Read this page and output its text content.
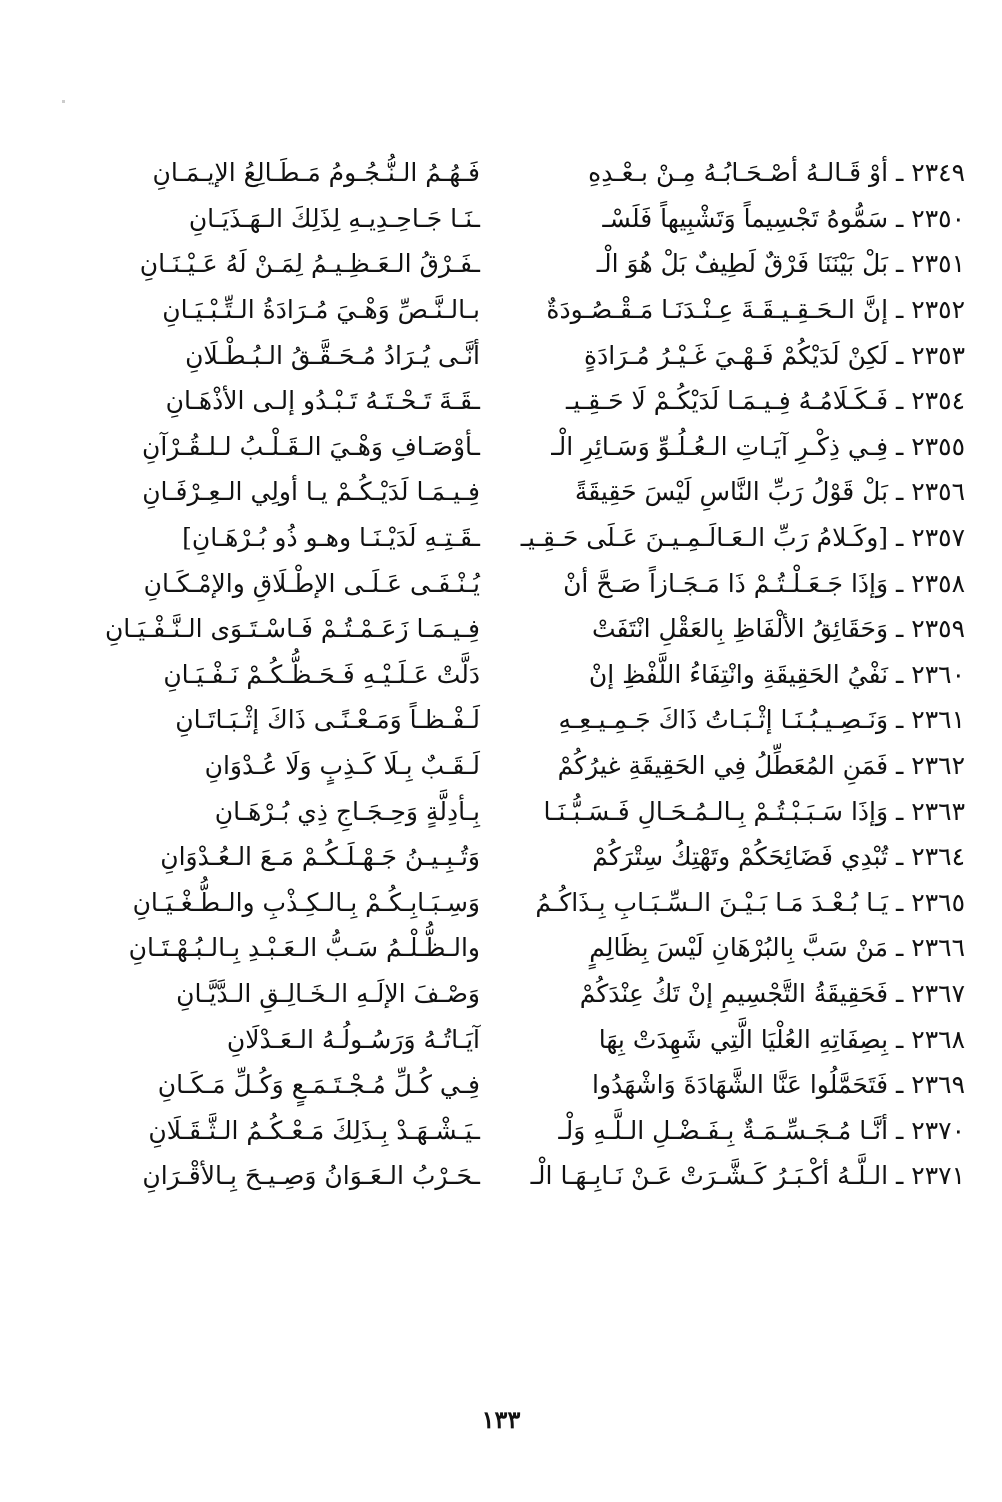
٢٣٤٩ ـ أوْ قَـالـهُ أصْـحَـابُـهُ مِـنْ بـعْـدِهِ
فَـهُـمُ الـنُّـجُـومُ مَـطَـالِعُ الإيـمَـانِ
٢٣٥٠ ـ سَمُّوهُ تَجْسِيماً وَتَشْبِيهاً فَلَسْـ
ـنَـا جَـاحِـدِيـهِ لِذَلِكَ الـهَـذَيَـانِ
٢٣٥١ ـ بَلْ بَيْنَنَا فَرْقٌ لَطِيفٌ بَلْ هُوَ الْـ
ـفَـرْقُ الـعَـظِـيـمُ لِمَـنْ لَهُ عَـيْـنَـانِ
٢٣٥٢ ـ إنَّ الـحَـقِـيـقَـةَ عِـنْـدَنَـا مَـقْـصُـودَةٌ
بـالـنَّـصِّ وَهْـيَ مُـرَادَةُ الـتِّـبْـيَـانِ
٢٣٥٣ ـ لَكِنْ لَدَيْكُمْ فَـهْـيَ غَـيْـرُ مُـرَادَةٍ
أنَّـى يُـرَادُ مُـحَـقَّـقُ الـبُـطْـلَانِ
٢٣٥٤ ـ فَـكَـلَامُـهُ فِـيـمَـا لَدَيْكُـمْ لَا حَـقِـيـ
ـقَـةَ تَـحْـتَـهُ تَـبْـدُو إلـى الأذْهَـانِ
٢٣٥٥ ـ فِـي ذِكْـرِ آيَـاتِ الـعُـلُـوِّ وَسَـائِرِ الْـ
ـأوْصَـافِ وَهْـيَ الـقَـلْـبُ لـلـقُـرْآنِ
٢٣٥٦ ـ بَلْ قَوْلُ رَبِّ النَّاسِ لَيْسَ حَقِيقَةً
فِـيـمَـا لَدَيْـكُـمْ يـا أولِي الـعِـرْفَـانِ
٢٣٥٧ ـ [وكَـلامُ رَبِّ الـعَـالَـمِـيـنَ عَـلَى حَـقِـيـ
ـقَـتِـهِ لَدَيْـنَـا وهـو ذُو بُـرْهَـانِ]
٢٣٥٨ ـ وَإذَا جَـعَـلْـتُـمْ ذَا مَـجَـازاً صَـحَّ أنْ
يُـنْـفَـى عَـلَـى الإطْـلَاقِ والإمْـكَـانِ
٢٣٥٩ ـ وَحَقَائِقُ الألْفَاظِ بِالعَقْلِ انْتَفَتْ
فِـيـمَـا زَعَـمْـتُـمْ فَـاسْـتَـوَى الـنَّـفْـيَـانِ
٢٣٦٠ ـ نَفْيُ الحَقِيقَةِ وانْتِفَاءُ اللَّفْظِ إنْ
دَلَّتْ عَـلَـيْـهِ فَـحَـظُّـكُـمْ نَـفْـيَـانِ
٢٣٦١ ـ وَنَـصِـيـبُـنَـا إثْـبَـاتُ ذَاكَ جَـمِـيـعِـهِ
لَـفْـظـاً وَمَـعْـنًـى ذَاكَ إثْـبَـاتَـانِ
٢٣٦٢ ـ فَمَنِ المُعَطِّلُ فِي الحَقِيقَةِ غيرُكُمْ
لَـقَـبٌ بِـلَا كَـذِبٍ وَلَا عُـدْوَانِ
٢٣٦٣ ـ وَإذَا سَـبَـبْـتُـمْ بِـالـمُـحَـالِ فَـسَـبُّـنَـا
بِـأدِلَّةٍ وَحِـجَـاجِ ذِي بُـرْهَـانِ
٢٣٦٤ ـ تُبْدِي فَضَائِحَكُمْ وتَهْتِكُ سِتْرَكُمْ
وَتُـبِـيـنُ جَـهْـلَـكُـمْ مَـعَ الـعُـدْوَانِ
٢٣٦٥ ـ يَـا بُـعْـدَ مَـا بَـيْـنَ الـسِّـبَـابِ بِـذَاكُـمُ
وَسِـبَـابِـكُـمْ بِـالـكِـذْبِ والـطُّـغْـيَـانِ
٢٣٦٦ ـ مَنْ سَبَّ بِالبُرْهَانِ لَيْسَ بِظَالِمٍ
والـظُّـلْـمُ سَـبُّ الـعَـبْـدِ بِـالـبُـهْـتَـانِ
٢٣٦٧ ـ فَحَقِيقَةُ التَّجْسِيمِ إنْ تَكُ عِنْدَكُمْ
وَصْـفَ الإلَـهِ الـخَـالِـقِ الـدَّيَّـانِ
٢٣٦٨ ـ بِصِفَاتِهِ العُلْيَا الَّتِي شَهِدَتْ بِهَا
آيَـاتُـهُ وَرَسُـولُـهُ الـعَـدْلَانِ
٢٣٦٩ ـ فَتَحَمَّلُوا عَنَّا الشَّهَادَةَ وَاشْهَدُوا
فِـي كُـلِّ مُـجْـتَـمَـعٍ وَكُـلِّ مَـكَـانِ
٢٣٧٠ ـ أنَّـا مُـجَـسِّـمَـةٌ بِـفَـضْـلِ الـلَّـهِ وَلْـ
ـيَـشْـهَـدْ بِـذَلِكَ مَـعْـكُـمُ الـثَّـقَـلَانِ
٢٣٧١ ـ الـلَّـهُ أكْـبَـرُ كَـشَّـرَتْ عَـنْ نَـابِـهَـا الْـ
ـحَـرْبُ الـعَـوَانُ وَصِـيـحَ بِـالأقْـرَانِ
١٣٣
